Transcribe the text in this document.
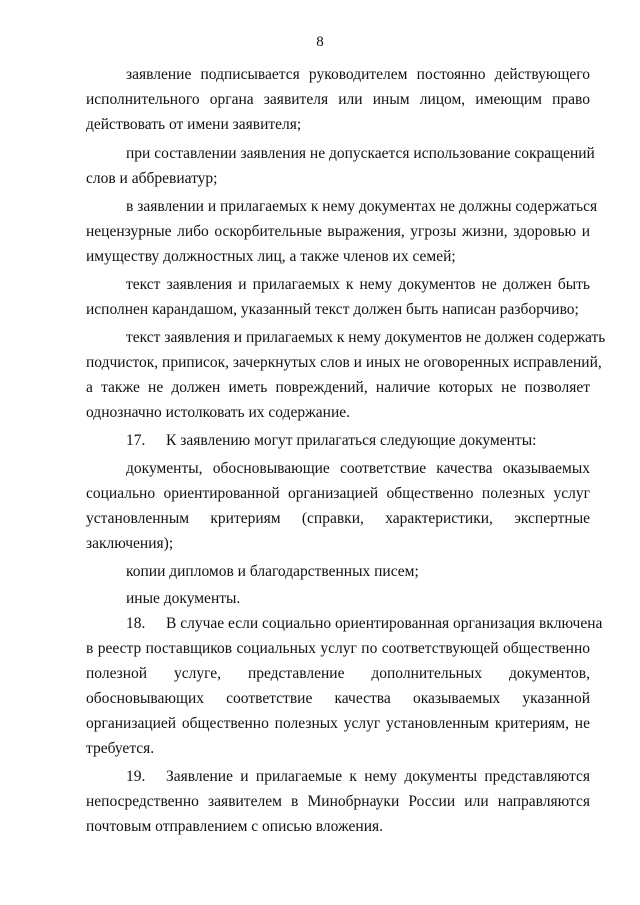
8
заявление подписывается руководителем постоянно действующего
исполнительного органа заявителя или иным лицом, имеющим право
действовать от имени заявителя;
при составлении заявления не допускается использование сокращений
слов и аббревиатур;
в заявлении и прилагаемых к нему документах не должны содержаться
нецензурные либо оскорбительные выражения, угрозы жизни, здоровью и
имуществу должностных лиц, а также членов их семей;
текст заявления и прилагаемых к нему документов не должен быть
исполнен карандашом, указанный текст должен быть написан разборчиво;
текст заявления и прилагаемых к нему документов не должен содержать
подчисток, приписок, зачеркнутых слов и иных не оговоренных исправлений,
а также не должен иметь повреждений, наличие которых не позволяет
однозначно истолковать их содержание.
17. К заявлению могут прилагаться следующие документы:
документы, обосновывающие соответствие качества оказываемых
социально ориентированной организацией общественно полезных услуг
установленным критериям (справки, характеристики, экспертные
заключения);
копии дипломов и благодарственных писем;
иные документы.
18. В случае если социально ориентированная организация включена
в реестр поставщиков социальных услуг по соответствующей общественно
полезной услуге, представление дополнительных документов,
обосновывающих соответствие качества оказываемых указанной
организацией общественно полезных услуг установленным критериям, не
требуется.
19. Заявление и прилагаемые к нему документы представляются
непосредственно заявителем в Минобрнауки России или направляются
почтовым отправлением с описью вложения.
